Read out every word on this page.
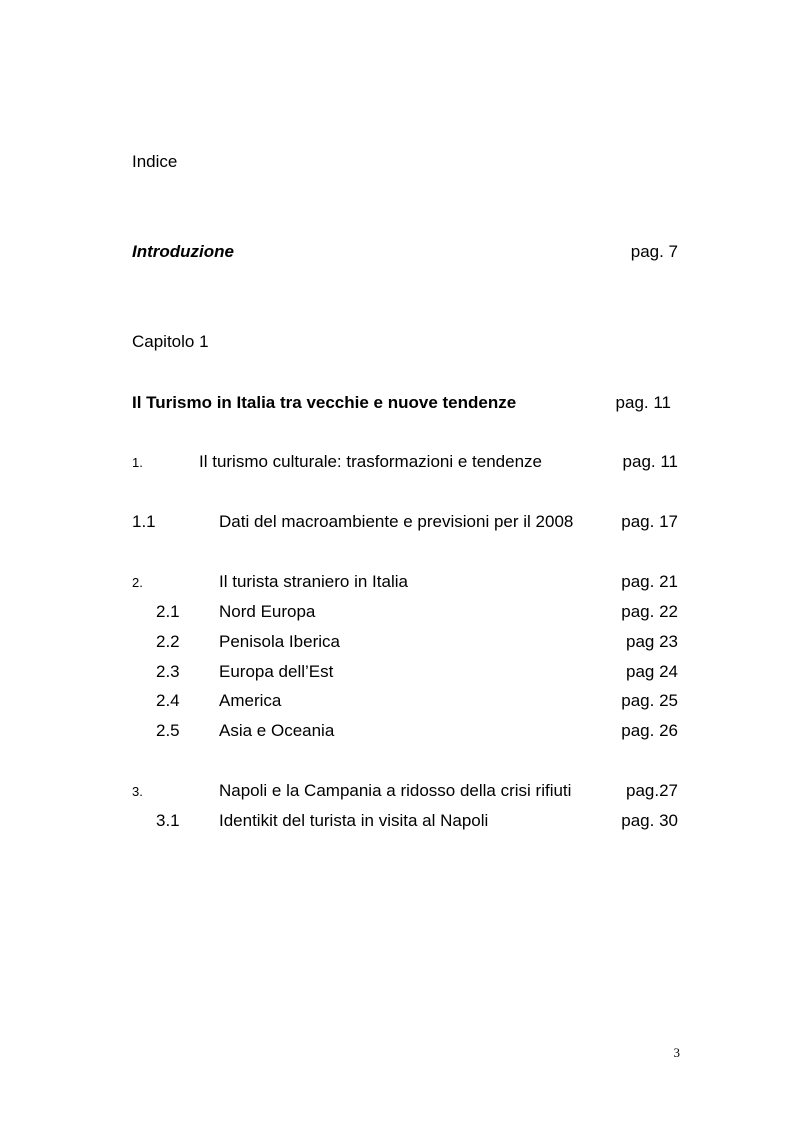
Indice
Introduzione	pag. 7
Capitolo 1
Il Turismo in Italia tra vecchie e nuove tendenze	pag. 11
1.	Il turismo culturale: trasformazioni e tendenze	pag. 11
1.1	Dati del macroambiente e previsioni per il 2008	pag. 17
2.	Il turista straniero in Italia	pag. 21
2.1 Nord Europa	pag. 22
2.2 Penisola Iberica	pag 23
2.3 Europa dell’Est	pag 24
2.4 America	pag. 25
2.5 Asia e Oceania	pag. 26
3.	Napoli e la Campania a ridosso della crisi rifiuti	pag.27
3.1 Identikit del turista in visita al Napoli	pag. 30
3
